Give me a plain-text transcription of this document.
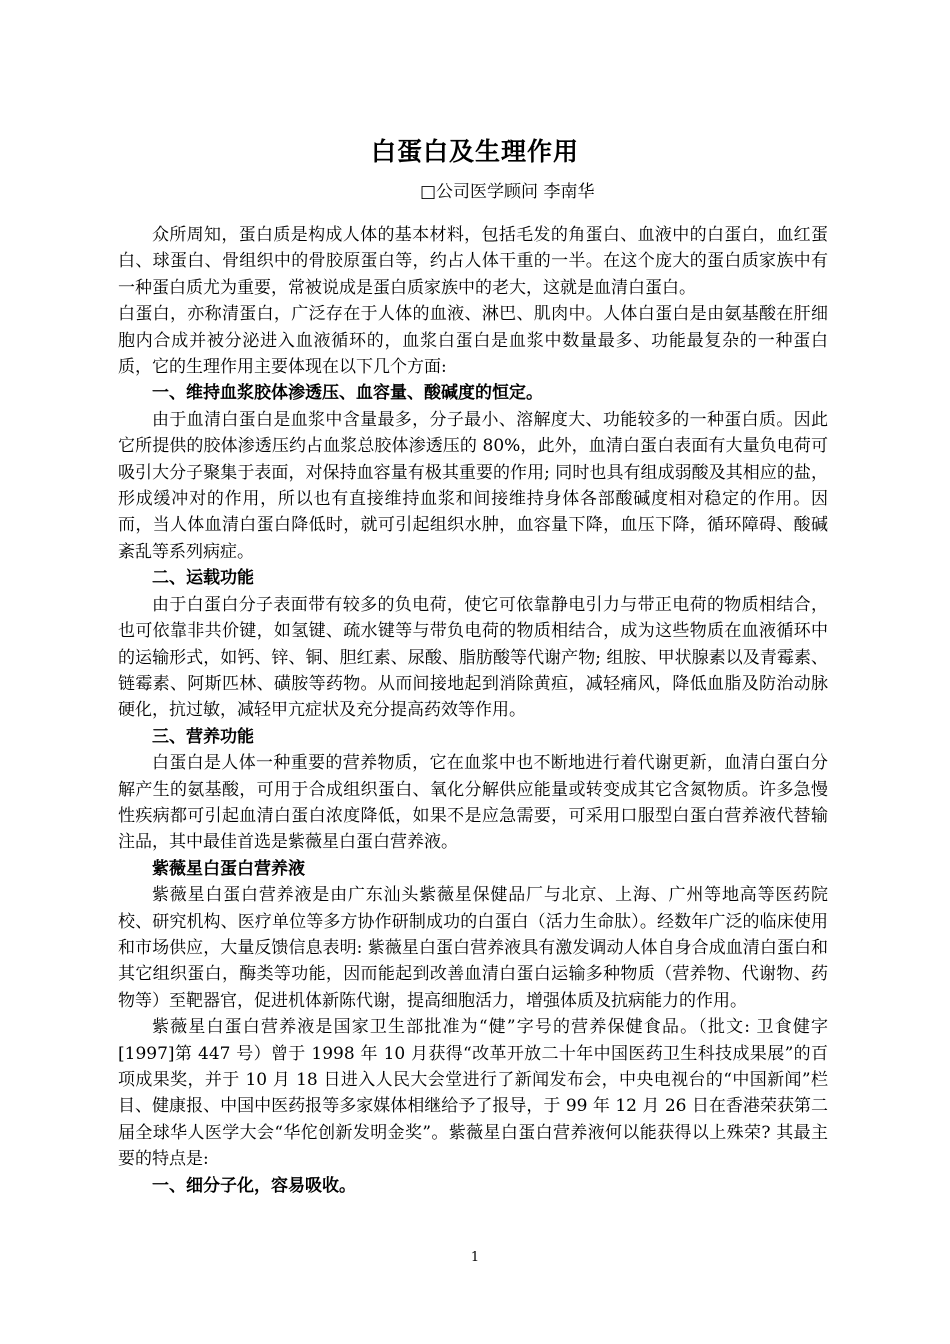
白蛋白及生理作用
□公司医学顾问 李南华

众所周知，蛋白质是构成人体的基本材料，包括毛发的角蛋白、血液中的白蛋白，血红蛋白、球蛋白、骨组织中的骨胶原蛋白等，约占人体干重的一半。在这个庞大的蛋白质家族中有一种蛋白质尤为重要，常被说成是蛋白质家族中的老大，这就是血清白蛋白。

白蛋白，亦称清蛋白，广泛存在于人体的血液、淋巴、肌肉中。人体白蛋白是由氨基酸在肝细胞内合成并被分泌进入血液循环的，血浆白蛋白是血浆中数量最多、功能最复杂的一种蛋白质，它的生理作用主要体现在以下几个方面:

一、维持血浆胶体渗透压、血容量、酸碱度的恒定。

由于血清白蛋白是血浆中含量最多，分子最小、溶解度大、功能较多的一种蛋白质。因此它所提供的胶体渗透压约占血浆总胶体渗透压的 80%，此外，血清白蛋白表面有大量负电荷可吸引大分子聚集于表面，对保持血容量有极其重要的作用; 同时也具有组成弱酸及其相应的盐，形成缓冲对的作用，所以也有直接维持血浆和间接维持身体各部酸碱度相对稳定的作用。因而，当人体血清白蛋白降低时，就可引起组织水肿，血容量下降，血压下降，循环障碍、酸碱紊乱等系列病症。

二、运载功能

由于白蛋白分子表面带有较多的负电荷，使它可依靠静电引力与带正电荷的物质相结合，也可依靠非共价键，如氢键、疏水键等与带负电荷的物质相结合，成为这些物质在血液循环中的运输形式，如钙、锌、铜、胆红素、尿酸、脂肪酸等代谢产物; 组胺、甲状腺素以及青霉素、链霉素、阿斯匹林、磺胺等药物。从而间接地起到消除黄疸，减轻痛风，降低血脂及防治动脉硬化，抗过敏，减轻甲亢症状及充分提高药效等作用。

三、营养功能

白蛋白是人体一种重要的营养物质，它在血浆中也不断地进行着代谢更新，血清白蛋白分解产生的氨基酸，可用于合成组织蛋白、氧化分解供应能量或转变成其它含氮物质。许多急慢性疾病都可引起血清白蛋白浓度降低，如果不是应急需要，可采用口服型白蛋白营养液代替输注品，其中最佳首选是紫薇星白蛋白营养液。

紫薇星白蛋白营养液

紫薇星白蛋白营养液是由广东汕头紫薇星保健品厂与北京、上海、广州等地高等医药院校、研究机构、医疗单位等多方协作研制成功的白蛋白（活力生命肽）。经数年广泛的临床使用和市场供应，大量反馈信息表明: 紫薇星白蛋白营养液具有激发调动人体自身合成血清白蛋白和其它组织蛋白，酶类等功能，因而能起到改善血清白蛋白运输多种物质（营养物、代谢物、药物等）至靶器官，促进机体新陈代谢，提高细胞活力，增强体质及抗病能力的作用。

紫薇星白蛋白营养液是国家卫生部批准为“健”字号的营养保健食品。（批文: 卫食健字[1997]第 447 号）曾于 1998 年 10 月获得“改革开放二十年中国医药卫生科技成果展”的百项成果奖，并于 10 月 18 日进入人民大会堂进行了新闻发布会，中央电视台的“中国新闻”栏目、健康报、中国中医药报等多家媒体相继给予了报导，于 99 年 12 月 26 日在香港荣获第二届全球华人医学大会“华佗创新发明金奖”。紫薇星白蛋白营养液何以能获得以上殊荣? 其最主要的特点是:

一、细分子化，容易吸收。

1
